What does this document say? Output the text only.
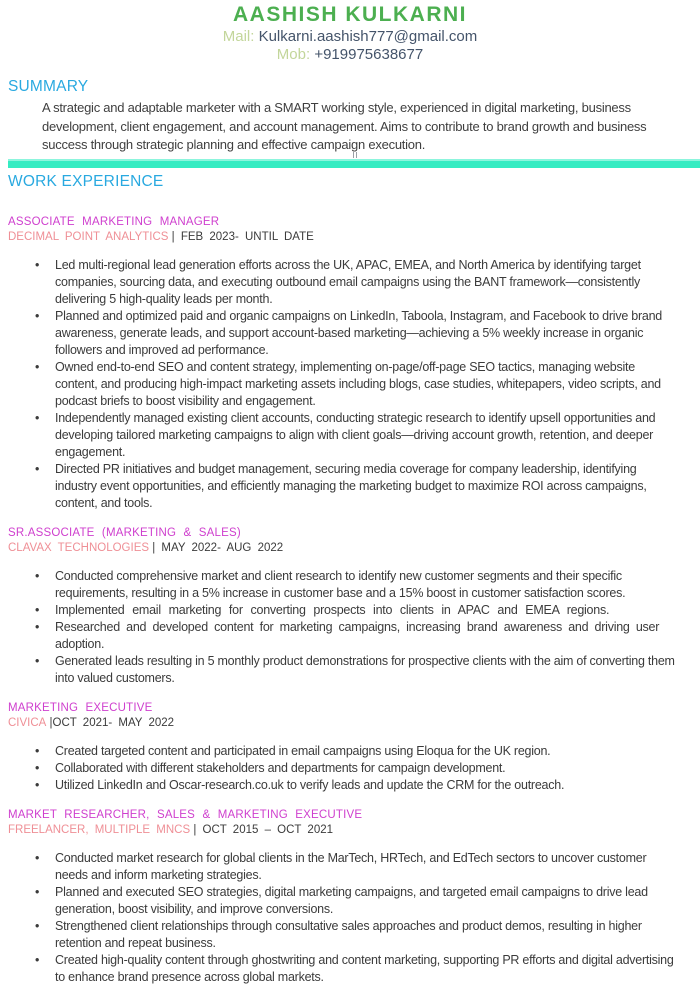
AASHISH KULKARNI
Mail: Kulkarni.aashish777@gmail.com
Mob: +919975638677
SUMMARY
A strategic and adaptable marketer with a SMART working style, experienced in digital marketing, business development, client engagement, and account management. Aims to contribute to brand growth and business success through strategic planning and effective campaign execution.
WORK EXPERIENCE
ASSOCIATE MARKETING MANAGER
DECIMAL POINT ANALYTICS | FEB 2023- UNTIL DATE
• Led multi-regional lead generation efforts across the UK, APAC, EMEA, and North America by identifying target companies, sourcing data, and executing outbound email campaigns using the BANT framework—consistently delivering 5 high-quality leads per month.
• Planned and optimized paid and organic campaigns on LinkedIn, Taboola, Instagram, and Facebook to drive brand awareness, generate leads, and support account-based marketing—achieving a 5% weekly increase in organic followers and improved ad performance.
• Owned end-to-end SEO and content strategy, implementing on-page/off-page SEO tactics, managing website content, and producing high-impact marketing assets including blogs, case studies, whitepapers, video scripts, and podcast briefs to boost visibility and engagement.
• Independently managed existing client accounts, conducting strategic research to identify upsell opportunities and developing tailored marketing campaigns to align with client goals—driving account growth, retention, and deeper engagement.
• Directed PR initiatives and budget management, securing media coverage for company leadership, identifying industry event opportunities, and efficiently managing the marketing budget to maximize ROI across campaigns, content, and tools.
SR.ASSOCIATE (MARKETING & SALES)
CLAVAX TECHNOLOGIES | MAY 2022- AUG 2022
• Conducted comprehensive market and client research to identify new customer segments and their specific requirements, resulting in a 5% increase in customer base and a 15% boost in customer satisfaction scores.
• Implemented email marketing for converting prospects into clients in APAC and EMEA regions.
• Researched and developed content for marketing campaigns, increasing brand awareness and driving user adoption.
• Generated leads resulting in 5 monthly product demonstrations for prospective clients with the aim of converting them into valued customers.
MARKETING EXECUTIVE
CIVICA |OCT 2021- MAY 2022
• Created targeted content and participated in email campaigns using Eloqua for the UK region.
• Collaborated with different stakeholders and departments for campaign development.
• Utilized LinkedIn and Oscar-research.co.uk to verify leads and update the CRM for the outreach.
MARKET RESEARCHER, SALES & MARKETING EXECUTIVE
FREELANCER, MULTIPLE MNCS | OCT 2015 – OCT 2021
• Conducted market research for global clients in the MarTech, HRTech, and EdTech sectors to uncover customer needs and inform marketing strategies.
• Planned and executed SEO strategies, digital marketing campaigns, and targeted email campaigns to drive lead generation, boost visibility, and improve conversions.
• Strengthened client relationships through consultative sales approaches and product demos, resulting in higher retention and repeat business.
• Created high-quality content through ghostwriting and content marketing, supporting PR efforts and digital advertising to enhance brand presence across global markets.
